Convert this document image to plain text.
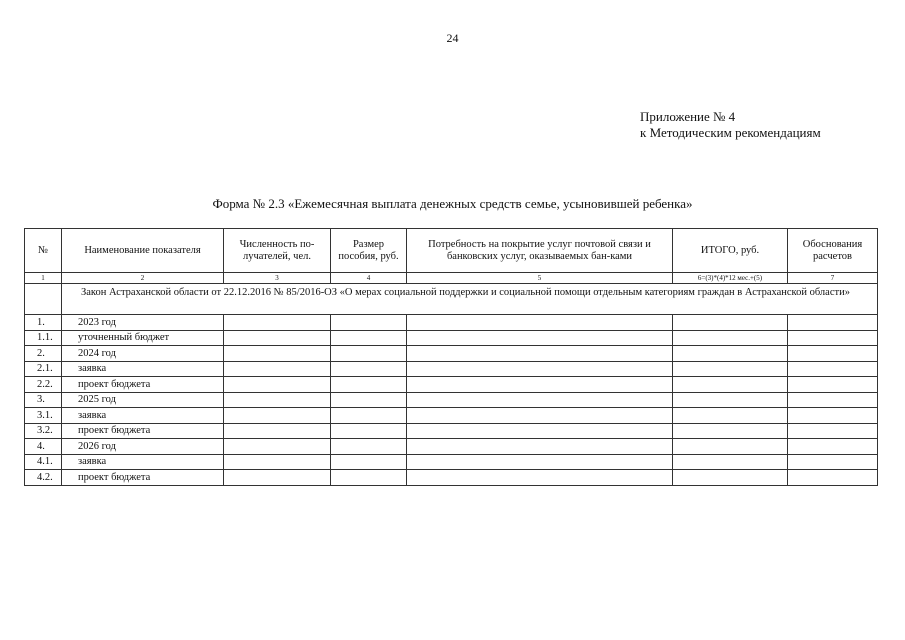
24
Приложение № 4
к Методическим рекомендациям
Форма № 2.3 «Ежемесячная выплата денежных средств семье, усыновившей ребенка»
№	Наименование показателя	Численность по-лучателей, чел.	Размер пособия, руб.	Потребность на покрытие услуг почтовой связи и банковских услуг, оказываемых бан-ками	ИТОГО, руб.	Обоснования расчетов
1	2	3	4	5	6=(3)*(4)*12 мес.+(5)	7

	Закон Астраханской области от 22.12.2016 № 85/2016-ОЗ «О мерах социальной поддержки и социальной помощи отдельным категориям граждан в Астраханской области»					

1.	2023 год					
1.1.	уточненный бюджет					
2.	2024 год					
2.1.	заявка					
2.2.	проект бюджета					
3.	2025 год					
3.1.	заявка					
3.2.	проект бюджета					
4.	2026 год					
4.1.	заявка					
4.2.	проект бюджета					
